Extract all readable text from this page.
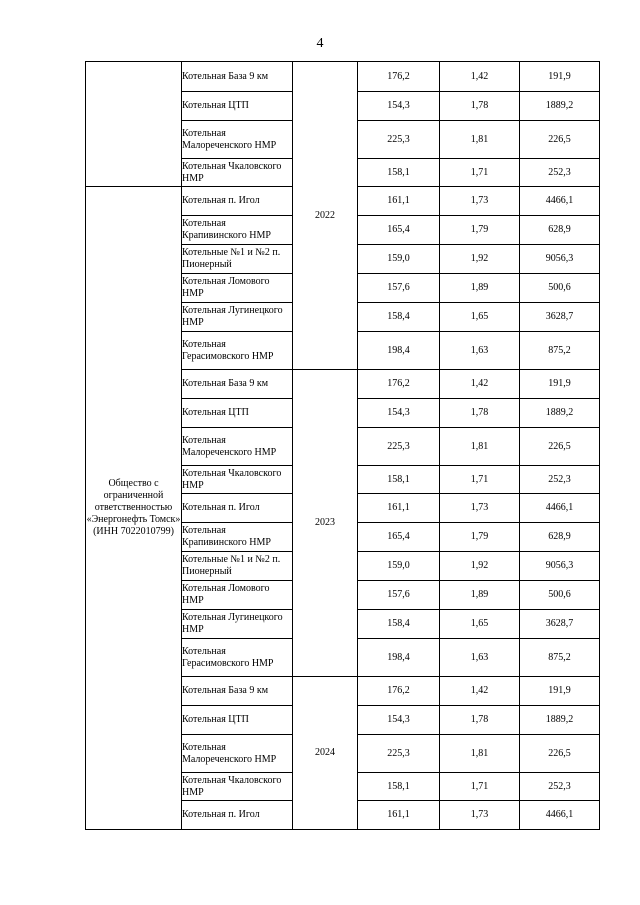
4
	Котельная База 9 км	2022	176,2	1,42	191,9
	Котельная ЦТП		154,3	1,78	1889,2
	Котельная Малореченского НМР		225,3	1,81	226,5
	Котельная Чкаловского НМР		158,1	1,71	252,3
Общество с ограниченной ответственностью «Энергонефть Томск» (ИНН 7022010799)	Котельная п. Игол		161,1	1,73	4466,1
	Котельная Крапивинского НМР		165,4	1,79	628,9
	Котельные №1 и №2 п. Пионерный		159,0	1,92	9056,3
	Котельная Ломового НМР		157,6	1,89	500,6
	Котельная Лугинецкого НМР		158,4	1,65	3628,7
	Котельная Герасимовского НМР		198,4	1,63	875,2
	Котельная База 9 км	2023	176,2	1,42	191,9
	Котельная ЦТП		154,3	1,78	1889,2
	Котельная Малореченского НМР		225,3	1,81	226,5
	Котельная Чкаловского НМР		158,1	1,71	252,3
	Котельная п. Игол		161,1	1,73	4466,1
	Котельная Крапивинского НМР		165,4	1,79	628,9
	Котельные №1 и №2 п. Пионерный		159,0	1,92	9056,3
	Котельная Ломового НМР		157,6	1,89	500,6
	Котельная Лугинецкого НМР		158,4	1,65	3628,7
	Котельная Герасимовского НМР		198,4	1,63	875,2
	Котельная База 9 км	2024	176,2	1,42	191,9
	Котельная ЦТП		154,3	1,78	1889,2
	Котельная Малореченского НМР		225,3	1,81	226,5
	Котельная Чкаловского НМР		158,1	1,71	252,3
	Котельная п. Игол		161,1	1,73	4466,1
